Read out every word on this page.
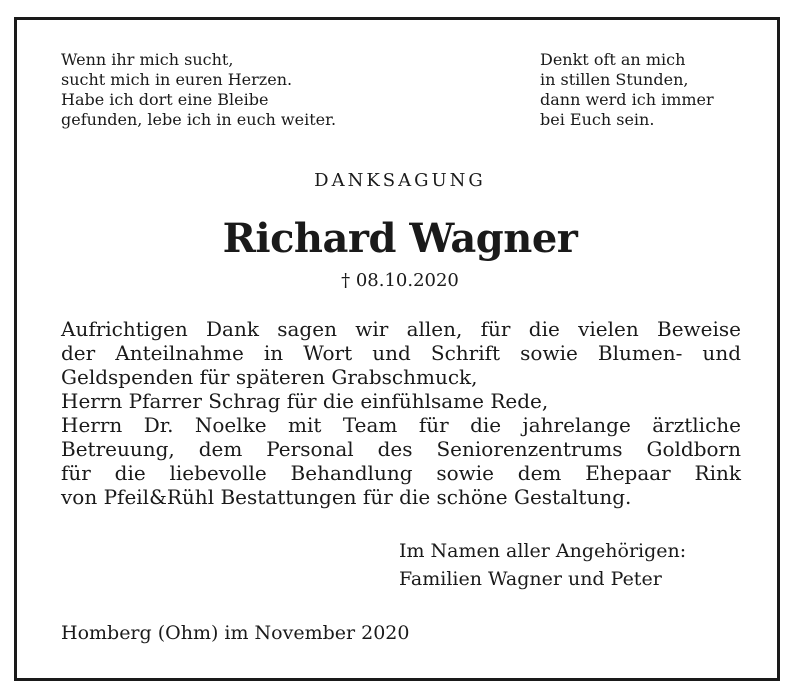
Wenn ihr mich sucht,
sucht mich in euren Herzen.
Habe ich dort eine Bleibe
gefunden, lebe ich in euch weiter.
Denkt oft an mich
in stillen Stunden,
dann werd ich immer
bei Euch sein.
DANKSAGUNG
Richard Wagner
† 08.10.2020
Aufrichtigen Dank sagen wir allen, für die vielen Beweise
der Anteilnahme in Wort und Schrift sowie Blumen- und
Geldspenden für späteren Grabschmuck,
Herrn Pfarrer Schrag für die einfühlsame Rede,
Herrn Dr. Noelke mit Team für die jahrelange ärztliche
Betreuung, dem Personal des Seniorenzentrums Goldborn
für die liebevolle Behandlung sowie dem Ehepaar Rink
von Pfeil&Rühl Bestattungen für die schöne Gestaltung.
Im Namen aller Angehörigen:
Familien Wagner und Peter
Homberg (Ohm) im November 2020
